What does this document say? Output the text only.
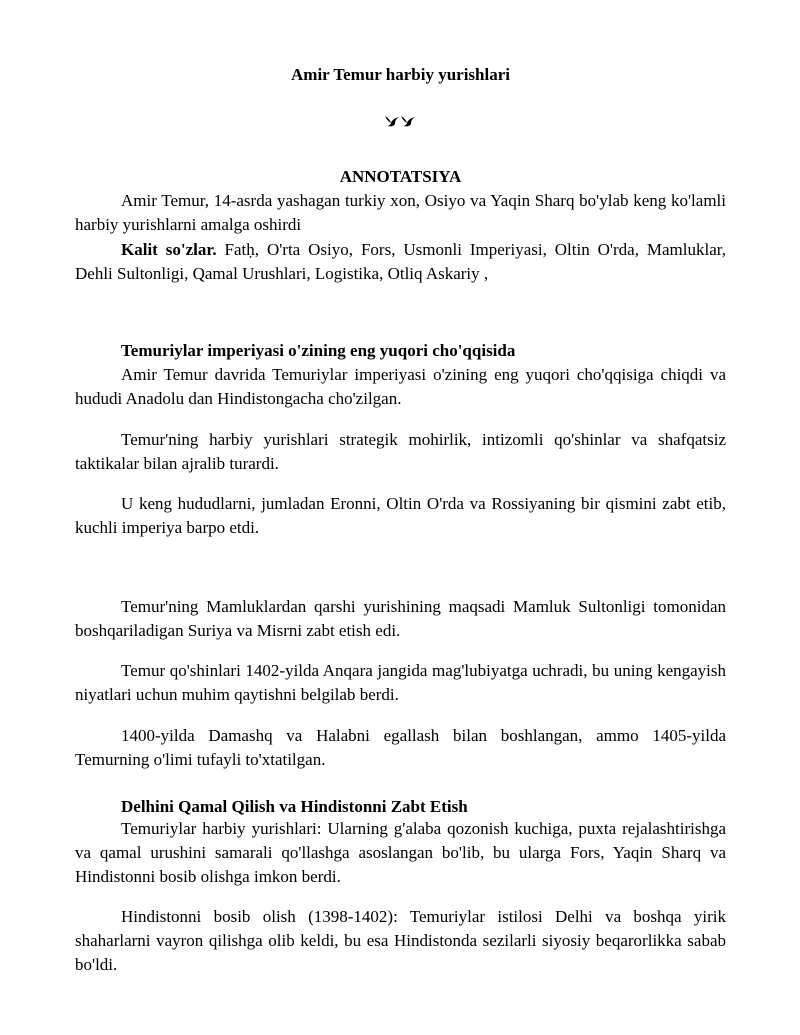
Amir Temur harbiy yurishlari
ANNOTATSIYA

Amir Temur, 14-asrda yashagan turkiy xon, Osiyo va Yaqin Sharq bo'ylab keng ko'lamli harbiy yurishlarni amalga oshirdi

Kalit so'zlar. Fatḥ, O'rta Osiyo, Fors, Usmonli Imperiyasi, Oltin O'rda, Mamluklar, Dehli Sultonligi, Qamal Urushlari, Logistika, Otliq Askariy ,

Temuriylar imperiyasi o'zining eng yuqori cho'qqisida

Amir Temur davrida Temuriylar imperiyasi o'zining eng yuqori cho'qqisiga chiqdi va hududi Anadolu dan Hindistongacha cho'zilgan.

Temur'ning harbiy yurishlari strategik mohirlik, intizomli qo'shinlar va shafqatsiz taktikalar bilan ajralib turardi.

U keng hududlarni, jumladan Eronni, Oltin O'rda va Rossiyaning bir qismini zabt etib, kuchli imperiya barpo etdi.

Temur'ning Mamluklardan qarshi yurishining maqsadi Mamluk Sultonligi tomonidan boshqariladigan Suriya va Misrni zabt etish edi.

Temur qo'shinlari 1402-yilda Anqara jangida mag'lubiyatga uchradi, bu uning kengayish niyatlari uchun muhim qaytishni belgilab berdi.

1400-yilda Damashq va Halabni egallash bilan boshlangan, ammo 1405-yilda Temurning o'limi tufayli to'xtatilgan.

Delhini Qamal Qilish va Hindistonni Zabt Etish

Temuriylar harbiy yurishlari: Ularning g'alaba qozonish kuchiga, puxta rejalashtirishga va qamal urushini samarali qo'llashga asoslangan bo'lib, bu ularga Fors, Yaqin Sharq va Hindistonni bosib olishga imkon berdi.

Hindistonni bosib olish (1398-1402): Temuriylar istilosi Delhi va boshqa yirik shaharlarni vayron qilishga olib keldi, bu esa Hindistonda sezilarli siyosiy beqarorlikka sabab bo'ldi.
